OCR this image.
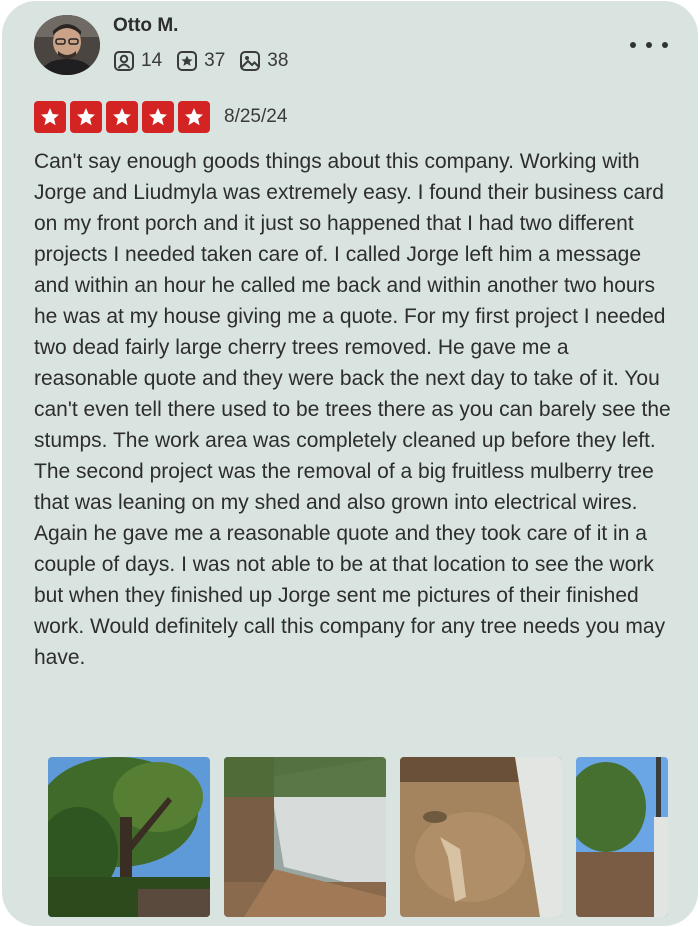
Otto M.
14 37 38
8/25/24
Can't say enough goods things about this company. Working with Jorge and Liudmyla was extremely easy. I found their business card on my front porch and it just so happened that I had two different projects I needed taken care of. I called Jorge left him a message and within an hour he called me back and within another two hours he was at my house giving me a quote. For my first project I needed two dead fairly large cherry trees removed. He gave me a reasonable quote and they were back the next day to take of it. You can't even tell there used to be trees there as you can barely see the stumps. The work area was completely cleaned up before they left. The second project was the removal of a big fruitless mulberry tree that was leaning on my shed and also grown into electrical wires. Again he gave me a reasonable quote and they took care of it in a couple of days. I was not able to be at that location to see the work but when they finished up Jorge sent me pictures of their finished work. Would definitely call this company for any tree needs you may have.
